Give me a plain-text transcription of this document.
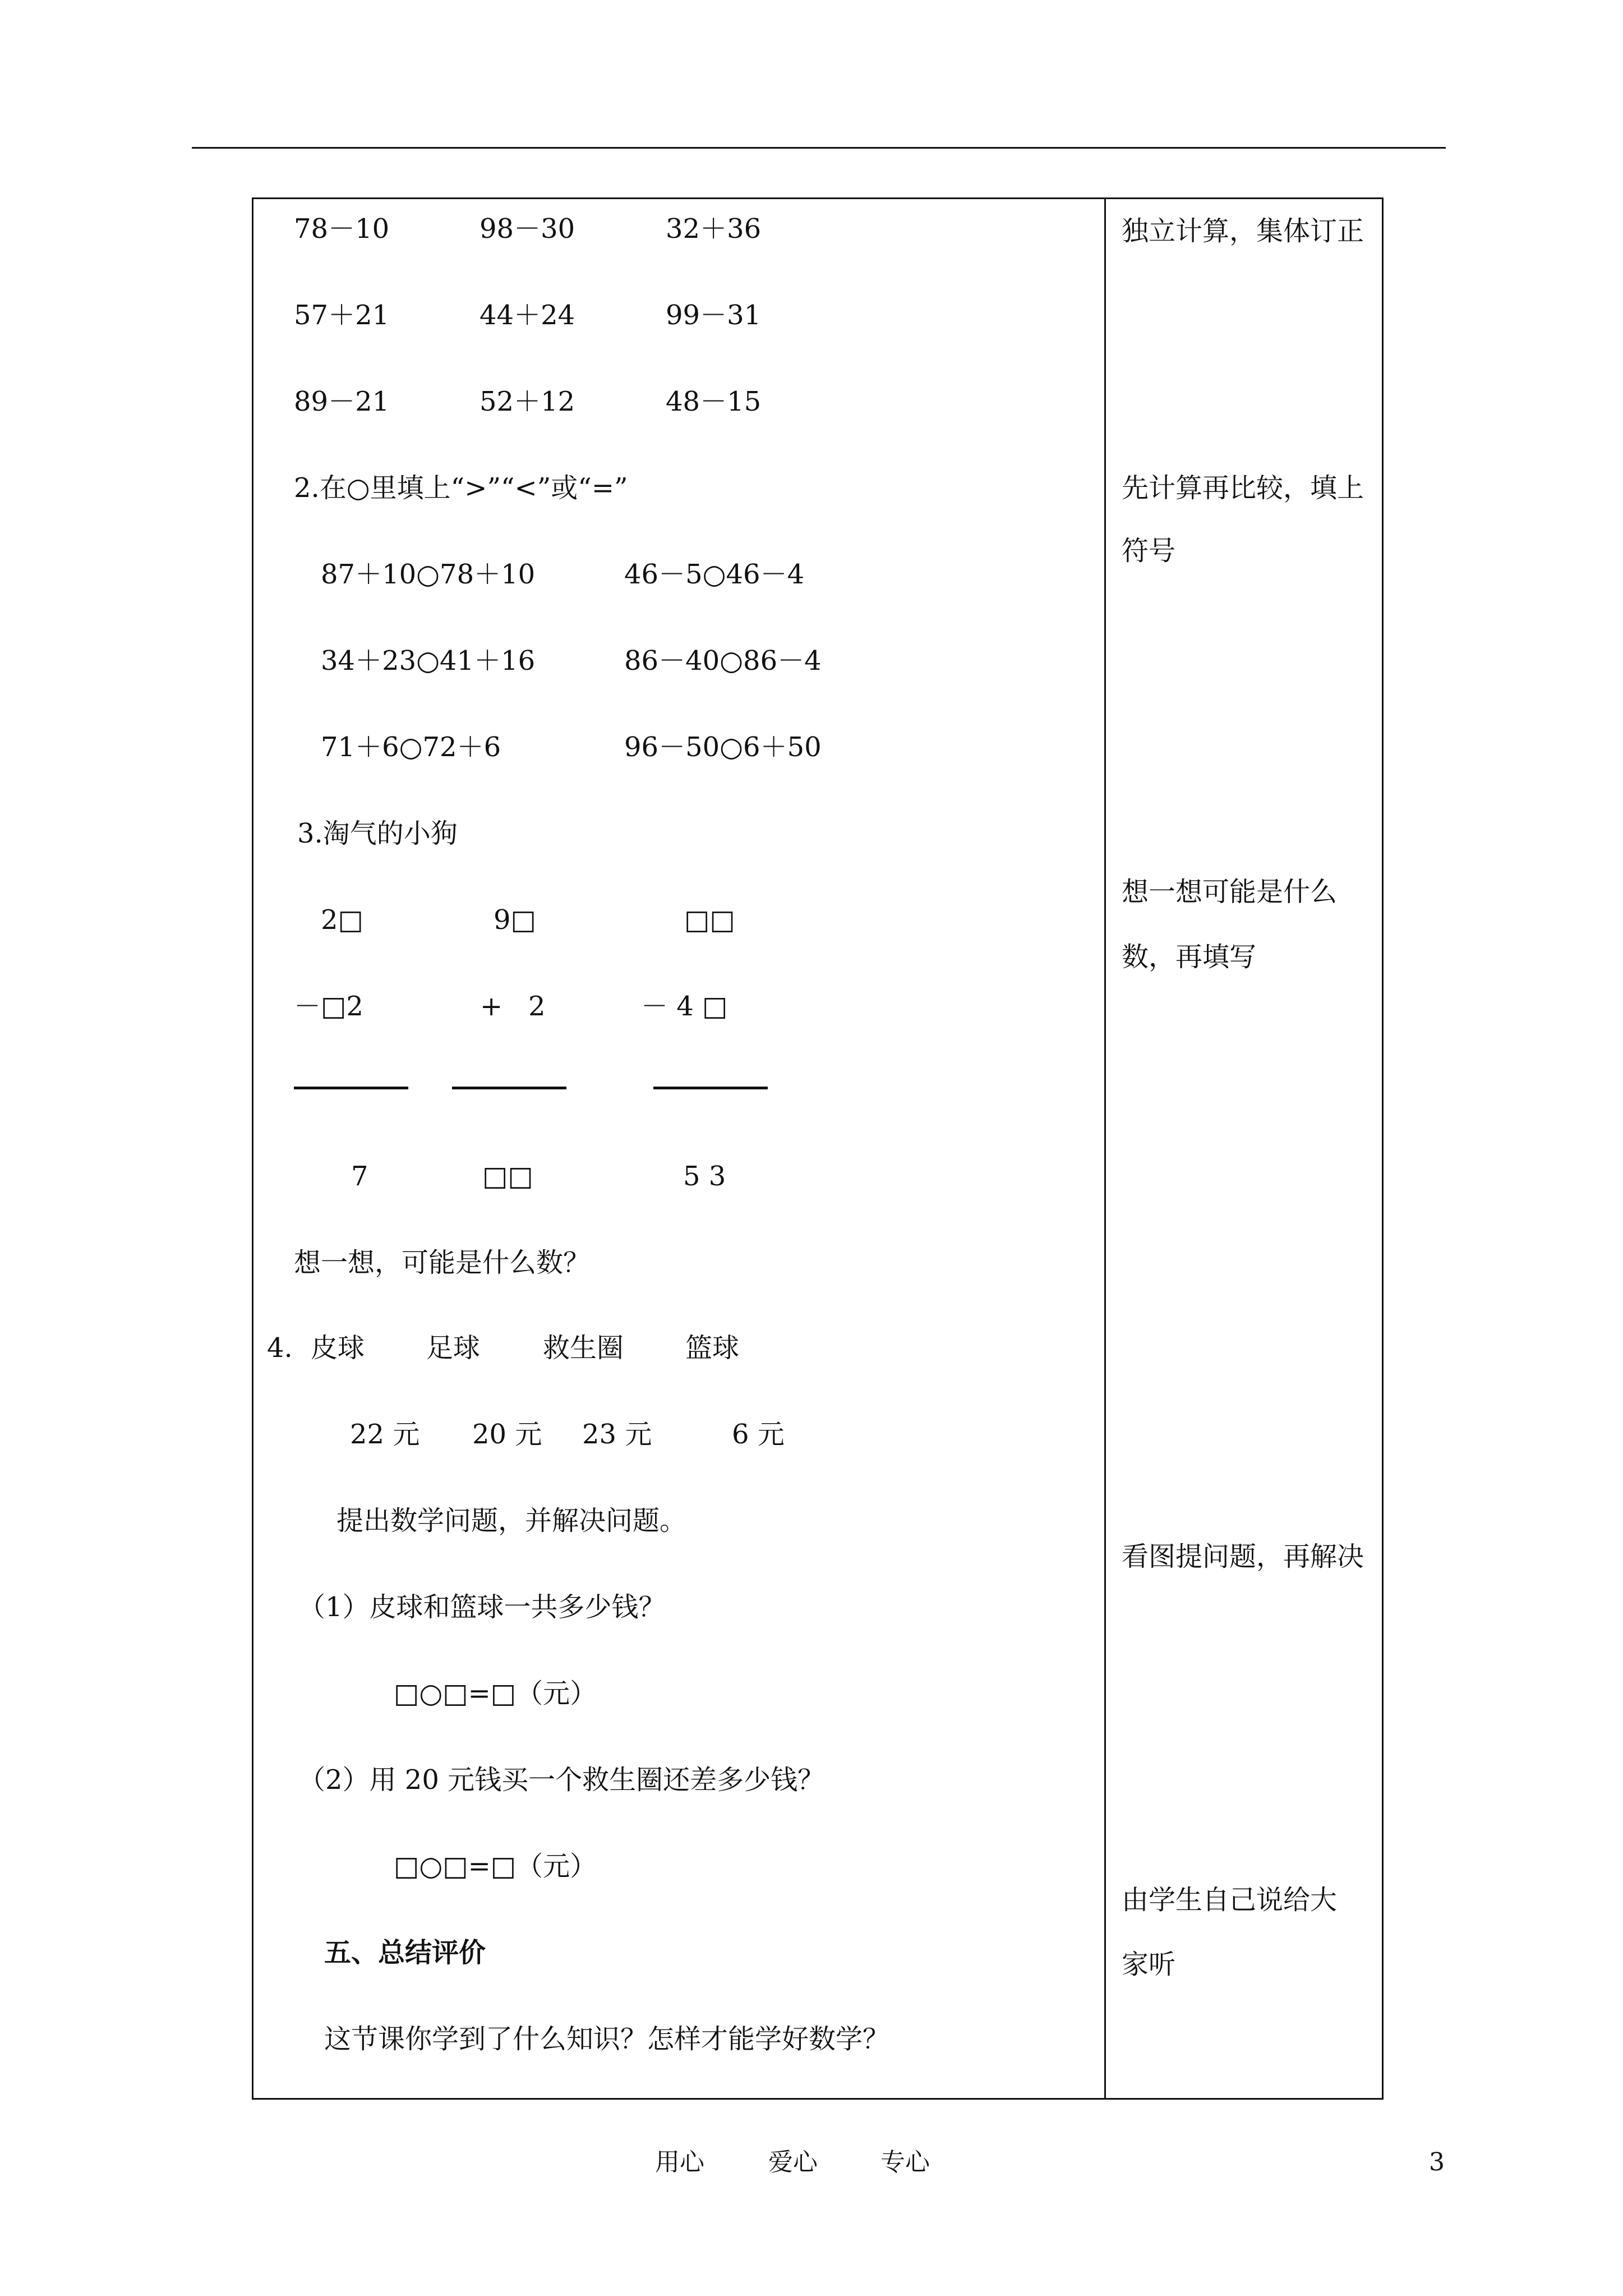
78－10	98－30	32＋36
57＋21	44＋24	99－31
89－21	52＋12	48－15
2.在○里填上“>”“<”或“=”
87＋10○78＋10	46－5○46－4
34＋23○41＋16	86－40○86－4
71＋6○72＋6	96－50○6＋50
3.淘气的小狗
2□	9□	□□
－□2	+   2	－ 4 □
7	□□	5 3
想一想，可能是什么数？
4. 皮球 足球 救生圈 篮球
22 元 20 元 23 元	6 元
提出数学问题，并解决问题。
（1）皮球和篮球一共多少钱？
□○□=□（元）
（2）用 20 元钱买一个救生圈还差多少钱？
□○□=□（元）
五、总结评价
这节课你学到了什么知识？怎样才能学好数学？
独立计算，集体订正
先计算再比较，填上
符号
想一想可能是什么
数，再填写
看图提问题，再解决
由学生自己说给大
家听
用心	爱心	专心	3
